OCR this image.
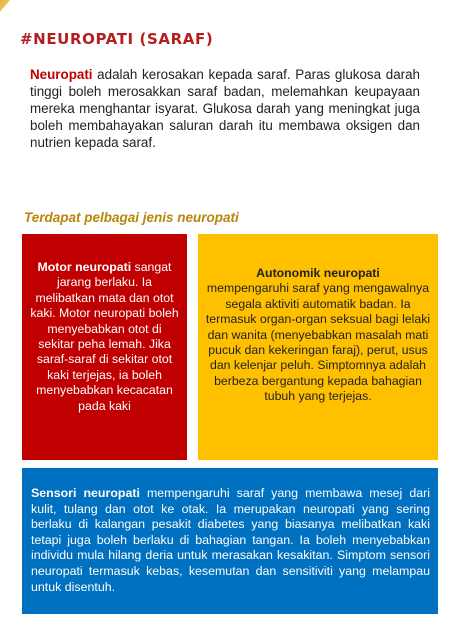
#NEUROPATI (SARAF)

Neuropati adalah kerosakan kepada saraf. Paras glukosa darah tinggi boleh merosakkan saraf badan, melemahkan keupayaan mereka menghantar isyarat. Glukosa darah yang meningkat juga boleh membahayakan saluran darah itu membawa oksigen dan nutrien kepada saraf.

Terdapat pelbagai jenis neuropati
Motor neuropati sangat jarang berlaku. Ia melibatkan mata dan otot kaki. Motor neuropati boleh menyebabkan otot di sekitar peha lemah. Jika saraf-saraf di sekitar otot kaki terjejas, ia boleh menyebabkan kecacatan pada kaki
Autonomik neuropati
mempengaruhi saraf yang mengawalnya segala aktiviti automatik badan. Ia termasuk organ-organ seksual bagi lelaki dan wanita (menyebabkan masalah mati pucuk dan kekeringan faraj), perut, usus dan kelenjar peluh. Simptomnya adalah berbeza bergantung kepada bahagian tubuh yang terjejas.
Sensori neuropati mempengaruhi saraf yang membawa mesej dari kulit, tulang dan otot ke otak. Ia merupakan neuropati yang sering berlaku di kalangan pesakit diabetes yang biasanya melibatkan kaki tetapi juga boleh berlaku di bahagian tangan. Ia boleh menyebabkan individu mula hilang deria untuk merasakan kesakitan. Simptom sensori neuropati termasuk kebas, kesemutan dan sensitiviti yang melampau untuk disentuh.
